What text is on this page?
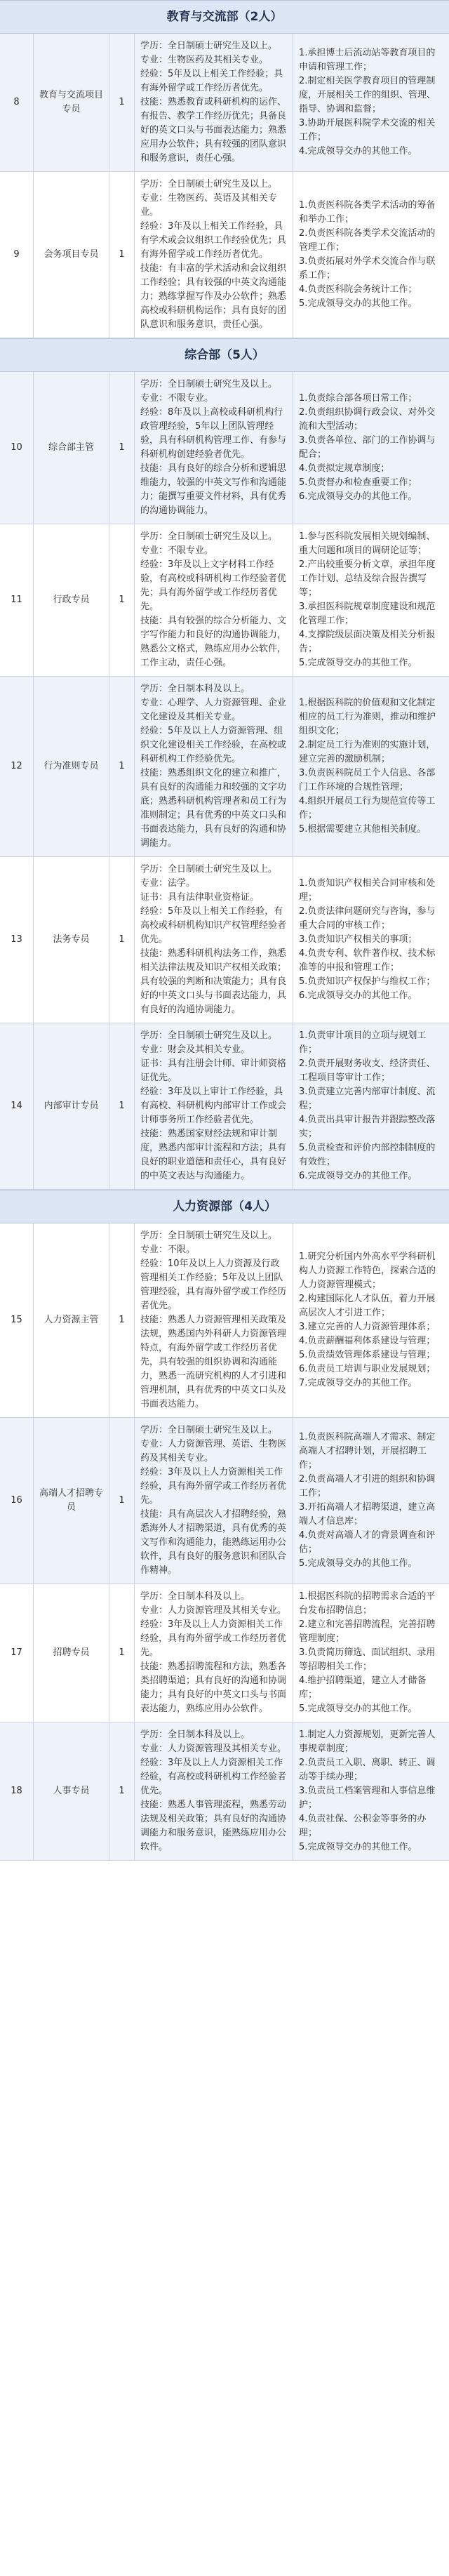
教育与交流部（2人）
8
教育与交流项目专员
1
学历：全日制硕士研究生及以上。
专业：生物医药及其相关专业。
经验：5年及以上相关工作经验；具有海外留学或工作经历者优先。
技能：熟悉教育或科研机构的运作、有报告、教学工作经历优先；具备良好的英文口头与书面表达能力；熟悉应用办公软件；具有较强的团队意识和服务意识，责任心强。
1.承担博士后流动站等教育项目的申请和管理工作；
2.制定相关医学教育项目的管理制度，开展相关工作的组织、管理、指导、协调和监督；
3.协助开展医科院学术交流的相关工作；
4.完成领导交办的其他工作。
9	会务项目专员 1
学历：全日制硕士研究生及以上。
专业：生物医药、英语及其相关专业。
经验：3年及以上相关工作经验，具有学术或会议组织工作经验优先；具有海外留学或工作经历者优先。
技能：有丰富的学术活动和会议组织工作经验；具有较强的中英文沟通能力；熟练掌握写作及办公软件；熟悉高校或科研机构运作；具有良好的团队意识和服务意识，责任心强。
1.负责医科院各类学术活动的筹备和举办工作；
2.负责医科院各类学术交流活动的管理工作；
3.负责拓展对外学术交流合作与联系工作；
4.负责医科院会务统计工作；
5.完成领导交办的其他工作。
综合部（5人）
10	综合部主管	1
学历：全日制硕士研究生及以上。
专业：不限专业。
经验：8年及以上高校或科研机构行政管理经验，5年以上团队管理经验，具有科研机构管理工作、有参与科研机构创建经验者优先。
技能：具有良好的综合分析和逻辑思维能力，较强的中英文写作和沟通能力；能撰写重要文件材料，具有优秀的沟通协调能力。
1.负责综合部各项日常工作；
2.负责组织协调行政会议、对外交流和大型活动；
3.负责各单位、部门的工作协调与配合；
4.负责拟定规章制度；
5.负责督办和检查重要工作；
6.完成领导交办的其他工作。
11	行政专员	1
学历：全日制硕士研究生及以上。
专业：不限专业。
经验：3年及以上文字材料工作经验，有高校或科研机构工作经验者优先；具有海外留学或工作经历者优先。
技能：具有较强的综合分析能力、文字写作能力和良好的沟通协调能力，熟悉公文格式，熟练应用办公软件，工作主动，责任心强。
1.参与医科院发展相关规划编制、重大问题和项目的调研论证等；
2.产出较重要分析文章，承担年度工作计划、总结及综合报告撰写等；
3.承担医科院规章制度建设和规范化管理工作；
4.支撑院级层面决策及相关分析报告；
5.完成领导交办的其他工作。
12 行为准则专员 1
学历：全日制本科及以上。
专业：心理学、人力资源管理、企业文化建设及其相关专业。
经验：5年及以上人力资源管理、组织文化建设相关工作经验，在高校或科研机构工作经验优先。
技能：熟悉组织文化的建立和推广，具有良好的沟通能力和较强的文字功底；熟悉科研机构管理者和员工行为准则制定；具有优秀的中英文口头和书面表达能力，具有良好的沟通和协调能力。
1.根据医科院的价值观和文化制定相应的员工行为准则，推动和维护组织文化；
2.制定员工行为准则的实施计划，建立完善的激励机制；
3.负责医科院员工个人信息、各部门工作环境的合规性管理；
4.组织开展员工行为规范宣传等工作；
5.根据需要建立其他相关制度。
13	法务专员	1
学历：全日制硕士研究生及以上。
专业：法学。
证书：具有法律职业资格证。
经验：5年及以上相关工作经验，有高校或科研机构知识产权管理经验者优先。
技能：熟悉科研机构法务工作，熟悉相关法律法规及知识产权相关政策；具有较强的判断和决策能力；具有良好的中英文口头与书面表达能力，具有良好的沟通协调能力。
1.负责知识产权相关合同审核和处理；
2.负责法律问题研究与咨询，参与重大合同的审核工作；
3.负责知识产权相关的事项；
4.负责专利、软件著作权、技术标准等的申报和管理工作；
5.负责知识产权保护与维权工作；
6.完成领导交办的其他工作。
14 内部审计专员 1
学历：全日制硕士研究生及以上。
专业：财会及其相关专业。
证书：具有注册会计师、审计师资格证优先。
经验：3年及以上审计工作经验，具有高校、科研机构内部审计工作或会计师事务所工作经验者优先。
技能：熟悉国家财经法规和审计制度，熟悉内部审计流程和方法；具有良好的职业道德和责任心，具有良好的中英文表达与沟通能力。
1.负责审计项目的立项与规划工作；
2.负责开展财务收支、经济责任、工程项目等审计工作；
3.负责建立完善内部审计制度、流程；
4.负责出具审计报告并跟踪整改落实；
5.负责检查和评价内部控制制度的有效性；
6.完成领导交办的其他工作。
人力资源部（4人）
15 人力资源主管 1
学历：全日制硕士研究生及以上。
专业：不限。
经验：10年及以上人力资源及行政管理相关工作经验；5年及以上团队管理经验，具有海外留学或工作经历者优先。
技能：熟悉人力资源管理相关政策及法规，熟悉国内外科研人力资源管理特点，有海外留学或工作经历者优先，具有较强的组织协调和沟通能力，熟悉一流研究机构的人才引进和管理机制，具有优秀的中英文口头及书面表达能力。
1.研究分析国内外高水平学科研机构人力资源工作特色，探索合适的人力资源管理模式；
2.构建国际化人才队伍，着力开展高层次人才引进工作；
3.建立完善的人力资源管理体系；
4.负责薪酬福利体系建设与管理；
5.负责绩效管理体系建设与管理；
6.负责员工培训与职业发展规划；
7.完成领导交办的其他工作。
16
高端人才招聘专员
1
学历：全日制硕士研究生及以上。
专业：人力资源管理、英语、生物医药及其相关专业。
经验：3年及以上人力资源相关工作经验，具有海外留学或工作经历者优先。
技能：具有高层次人才招聘经验，熟悉海外人才招聘渠道，具有优秀的英文写作和沟通能力，能熟练运用办公软件，具有良好的服务意识和团队合作精神。
1.负责医科院高端人才需求、制定高端人才招聘计划，开展招聘工作；
2.负责高端人才引进的组织和协调工作；
3.开拓高端人才招聘渠道，建立高端人才信息库；
4.负责对高端人才的背景调查和评估；
5.完成领导交办的其他工作。
17	招聘专员	1
学历：全日制本科及以上。
专业：人力资源管理及其相关专业。
经验：3年及以上人力资源相关工作经验，具有海外留学或工作经历者优先。
技能：熟悉招聘流程和方法，熟悉各类招聘渠道；具有良好的沟通和协调能力；具有良好的中英文口头与书面表达能力，熟练应用办公软件。
1.根据医科院的招聘需求合适的平台发布招聘信息；
2.建立和完善招聘流程，完善招聘管理制度；
3.负责简历筛选、面试组织、录用等招聘相关工作；
4.维护招聘渠道，建立人才储备库；
5.完成领导交办的其他工作。
18	人事专员	1
学历：全日制本科及以上。
专业：人力资源管理及其相关专业。
经验：3年及以上人力资源相关工作经验，有高校或科研机构工作经验者优先。
技能：熟悉人事管理流程，熟悉劳动法规及相关政策；具有良好的沟通协调能力和服务意识，能熟练应用办公软件。
1.制定人力资源规划，更新完善人事规章制度；
2.负责员工入职、离职、转正、调动等手续办理；
3.负责员工档案管理和人事信息维护；
4.负责社保、公积金等事务的办理；
5.完成领导交办的其他工作。
